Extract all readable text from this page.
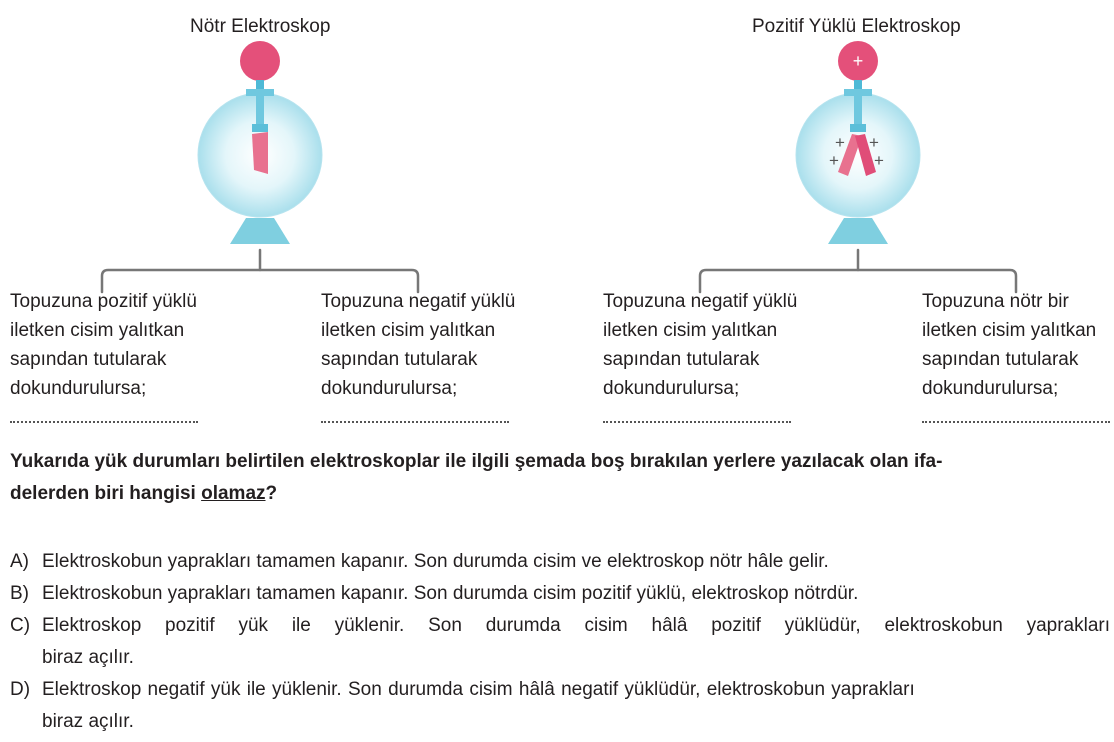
Nötr Elektroskop	Pozitif Yüklü Elektroskop
+
+ +
+ +
Topuzuna pozitif yüklü
iletken cisim yalıtkan
sapından tutularak
dokundurulursa;
Topuzuna negatif yüklü
iletken cisim yalıtkan
sapından tutularak
dokundurulursa;
Topuzuna negatif yüklü
iletken cisim yalıtkan
sapından tutularak
dokundurulursa;
Topuzuna nötr bir
iletken cisim yalıtkan
sapından tutularak
dokundurulursa;
Yukarıda yük durumları belirtilen elektroskoplar ile ilgili şemada boş bırakılan yerlere yazılacak olan ifa-
delerden biri hangisi olamaz?
A) Elektroskobun yaprakları tamamen kapanır. Son durumda cisim ve elektroskop nötr hâle gelir.
B) Elektroskobun yaprakları tamamen kapanır. Son durumda cisim pozitif yüklü, elektroskop nötrdür.
C) Elektroskop pozitif yük ile yüklenir. Son durumda cisim hâlâ pozitif yüklüdür, elektroskobun yaprakları
biraz açılır.
D) Elektroskop negatif yük ile yüklenir. Son durumda cisim hâlâ negatif yüklüdür, elektroskobun yaprakları
biraz açılır.
